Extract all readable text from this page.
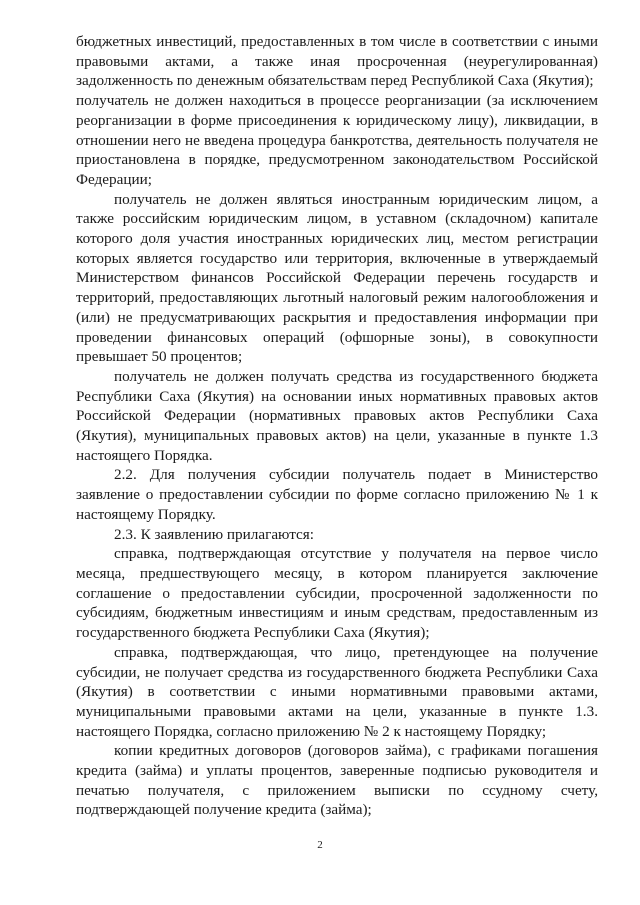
бюджетных инвестиций, предоставленных в том числе в соответствии с иными правовыми актами, а также иная просроченная (неурегулированная) задолженность по денежным обязательствам перед Республикой Саха (Якутия);

получатель не должен находиться в процессе реорганизации (за исключением реорганизации в форме присоединения к юридическому лицу), ликвидации, в отношении него не введена процедура банкротства, деятельность получателя не приостановлена в порядке, предусмотренном законодательством Российской Федерации;

получатель не должен являться иностранным юридическим лицом, а также российским юридическим лицом, в уставном (складочном) капитале которого доля участия иностранных юридических лиц, местом регистрации которых является государство или территория, включенные в утверждаемый Министерством финансов Российской Федерации перечень государств и территорий, предоставляющих льготный налоговый режим налогообложения и (или) не предусматривающих раскрытия и предоставления информации при проведении финансовых операций (офшорные зоны), в совокупности превышает 50 процентов;

получатель не должен получать средства из государственного бюджета Республики Саха (Якутия) на основании иных нормативных правовых актов Российской Федерации (нормативных правовых актов Республики Саха (Якутия), муниципальных правовых актов) на цели, указанные в пункте 1.3 настоящего Порядка.

2.2. Для получения субсидии получатель подает в Министерство заявление о предоставлении субсидии по форме согласно приложению № 1 к настоящему Порядку.

2.3. К заявлению прилагаются:

справка, подтверждающая отсутствие у получателя на первое число месяца, предшествующего месяцу, в котором планируется заключение соглашение о предоставлении субсидии, просроченной задолженности по субсидиям, бюджетным инвестициям и иным средствам, предоставленным из государственного бюджета Республики Саха (Якутия);

справка, подтверждающая, что лицо, претендующее на получение субсидии, не получает средства из государственного бюджета Республики Саха (Якутия) в соответствии с иными нормативными правовыми актами, муниципальными правовыми актами на цели, указанные в пункте 1.3. настоящего Порядка, согласно приложению № 2 к настоящему Порядку;

копии кредитных договоров (договоров займа), с графиками погашения кредита (займа) и уплаты процентов, заверенные подписью руководителя и печатью получателя, с приложением выписки по ссудному счету, подтверждающей получение кредита (займа);

2
